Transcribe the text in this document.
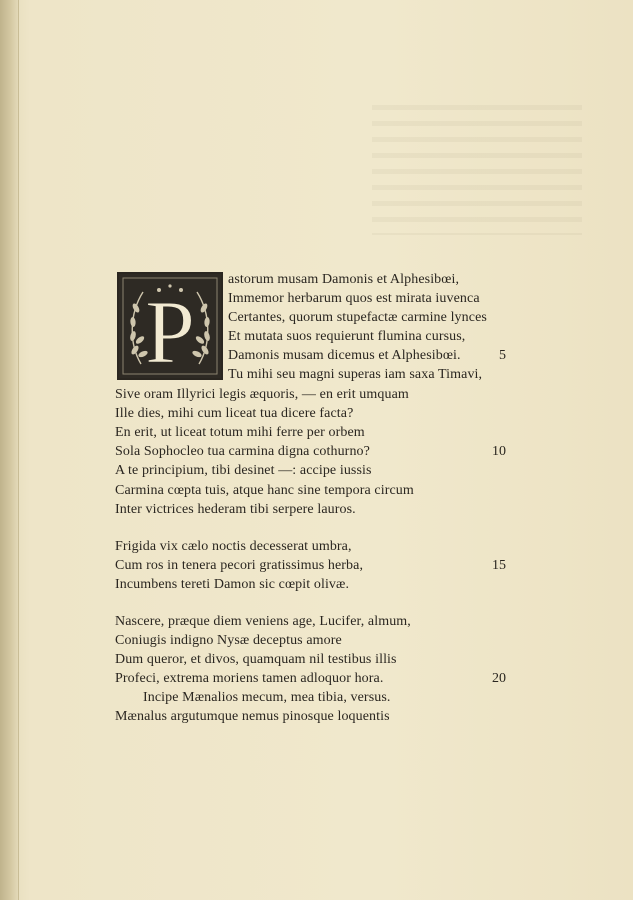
P
astorum musam Damonis et Alphesibœi,
Immemor herbarum quos est mirata iuvenca
Certantes, quorum stupefactæ carmine lynces
Et mutata suos requierunt flumina cursus,
Damonis musam dicemus et Alphesibœi.
Tu mihi seu magni superas iam saxa Timavi,
Sive oram Illyrici legis æquoris, — en erit umquam
Ille dies, mihi cum liceat tua dicere facta?
En erit, ut liceat totum mihi ferre per orbem
Sola Sophocleo tua carmina digna cothurno?
A te principium, tibi desinet —: accipe iussis
Carmina cœpta tuis, atque hanc sine tempora circum
Inter victrices hederam tibi serpere lauros.
Frigida vix cælo noctis decesserat umbra,
Cum ros in tenera pecori gratissimus herba,
Incumbens tereti Damon sic cœpit olivæ.
Nascere, præque diem veniens age, Lucifer, almum,
Coniugis indigno Nysæ deceptus amore
Dum queror, et divos, quamquam nil testibus illis
Profeci, extrema moriens tamen adloquor hora.
Incipe Mænalios mecum, mea tibia, versus.
Mænalus argutumque nemus pinosque loquentis
5
10
15
20
